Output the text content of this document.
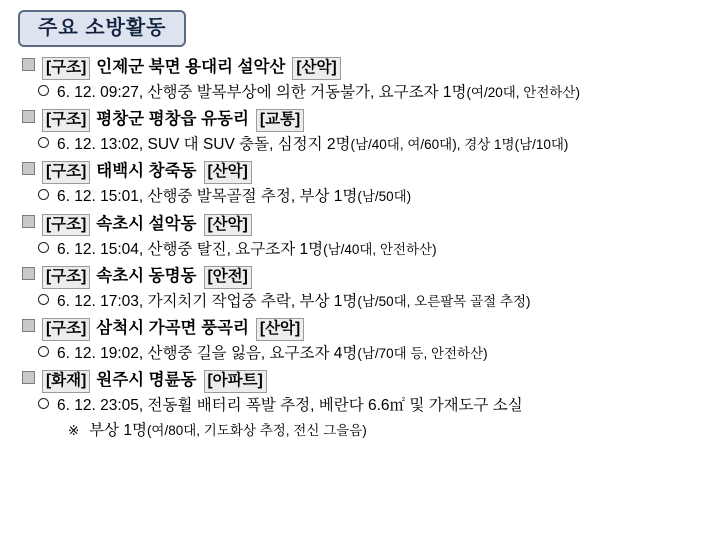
주요 소방활동
[구조] 인제군 북면 용대리 설악산 [산악]
6. 12. 09:27, 산행중 발목부상에 의한 거동불가, 요구조자 1명 (여/20대, 안전하산)
[구조] 평창군 평창읍 유동리 [교통]
6. 12. 13:02, SUV 대 SUV 충돌, 심정지 2명 (남/40대, 여/60대), 경상 1명(남/10대)
[구조] 태백시 창죽동 [산악]
6. 12. 15:01, 산행중 발목골절 추정, 부상 1명 (남/50대)
[구조] 속초시 설악동 [산악]
6. 12. 15:04, 산행중 탈진, 요구조자 1명 (남/40대, 안전하산)
[구조] 속초시 동명동 [안전]
6. 12. 17:03, 가지치기 작업중 추락, 부상 1명 (남/50대, 오른팔목 골절 추정)
[구조] 삼척시 가곡면 풍곡리 [산악]
6. 12. 19:02, 산행중 길을 잃음, 요구조자 4명 (남/70대 등, 안전하산)
[화재] 원주시 명륜동 [아파트]
6. 12. 23:05, 전동휠 배터리 폭발 추정, 베란다 6.6㎡ 및 가재도구 소실
※ 부상 1명(여/80대, 기도화상 추정, 전신 그을음)
